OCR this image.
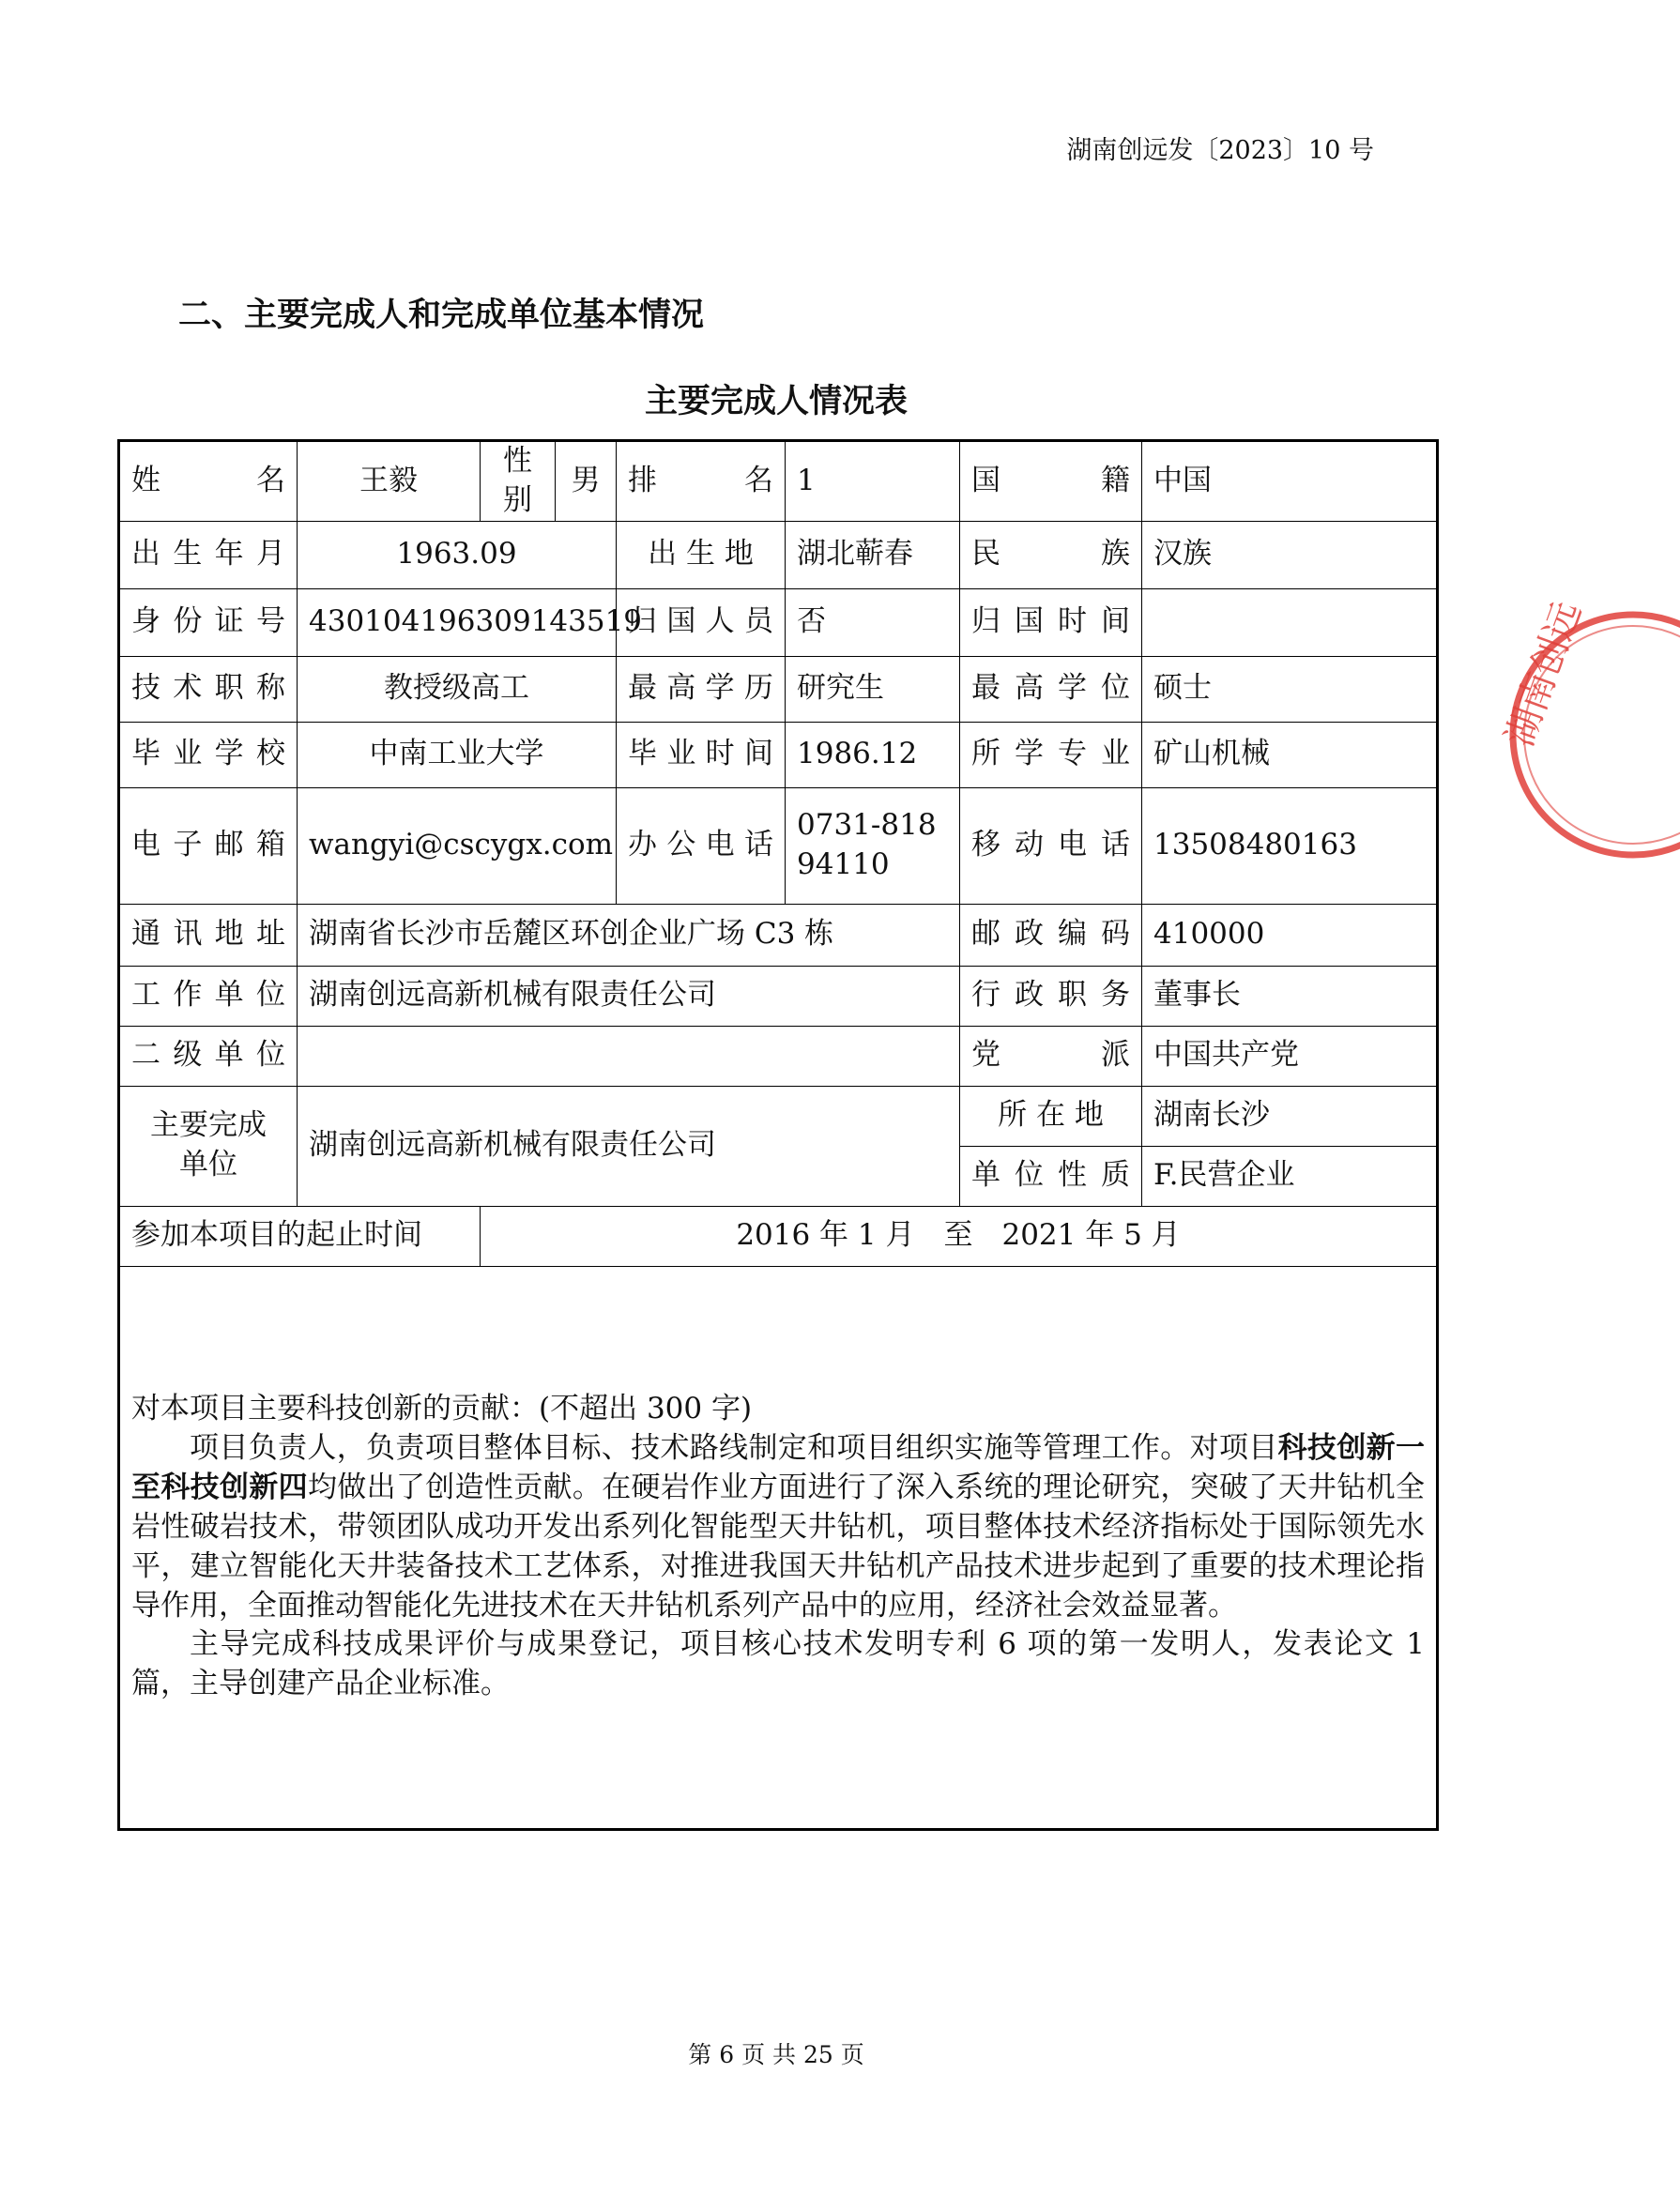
湖南创远发〔2023〕10 号
二、主要完成人和完成单位基本情况
主要完成人情况表
姓名	王毅	性别	男	排名	1	国籍	中国
出生年月	1963.09			出 生 地	湖北蕲春	民族	汉族
身份证号	430104196309143519			归国人员	否	归国时间	
技术职称	教授级高工			最高学历	研究生	最高学位	硕士
毕业学校	中南工业大学			毕业时间	1986.12	所学专业	矿山机械
电子邮箱	wangyi@cscygx.com			办公电话	0731-81894110	移动电话	13508480163
通讯地址	湖南省长沙市岳麓区环创企业广场 C3 栋					邮政编码	410000
工作单位	湖南创远高新机械有限责任公司					行政职务	董事长
二级单位						党派	中国共产党
主要完成单位	湖南创远高新机械有限责任公司					所 在 地	湖南长沙
						单位性质	F.民营企业
参加本项目的起止时间		2016 年 1 月　至　2021 年 5 月					

对本项目主要科技创新的贡献：(不超出 300 字)

项目负责人，负责项目整体目标、技术路线制定和项目组织实施等管理工作。对项目科技创新一至科技创新四均做出了创造性贡献。在硬岩作业方面进行了深入系统的理论研究，突破了天井钻机全岩性破岩技术，带领团队成功开发出系列化智能型天井钻机，项目整体技术经济指标处于国际领先水平，建立智能化天井装备技术工艺体系，对推进我国天井钻机产品技术进步起到了重要的技术理论指导作用，全面推动智能化先进技术在天井钻机系列产品中的应用，经济社会效益显著。

主导完成科技成果评价与成果登记，项目核心技术发明专利 6 项的第一发明人，发表论文 1 篇，主导创建产品企业标准。							

湖南创远
第 6 页 共 25 页
